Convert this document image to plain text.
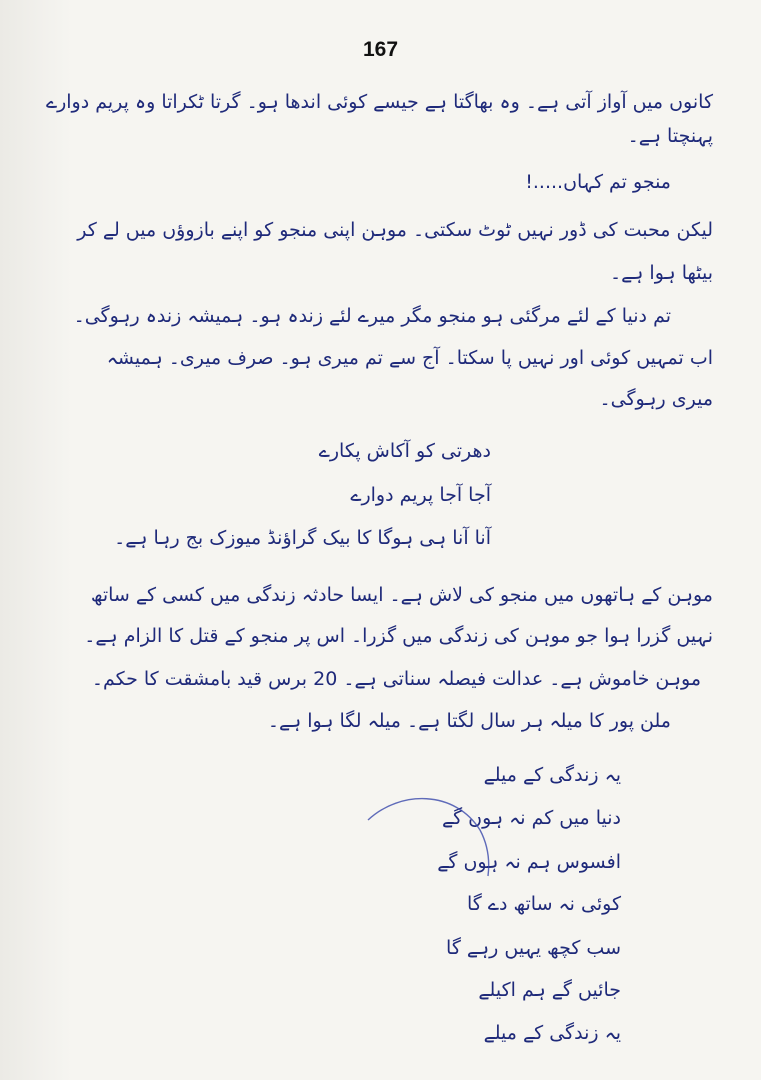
167
کانوں میں آواز آتی ہے۔ وہ بھاگتا ہے جیسے کوئی اندھا ہو۔ گرتا ٹکراتا وہ پریم دوارے
پہنچتا ہے۔
منجو تم کہاں.....!
لیکن محبت کی ڈور نہیں ٹوٹ سکتی۔ موہن اپنی منجو کو اپنے بازوؤں میں لے کر
بیٹھا ہوا ہے۔
تم دنیا کے لئے مرگئی ہو منجو مگر میرے لئے زندہ ہو۔ ہمیشہ زندہ رہوگی۔
اب تمہیں کوئی اور نہیں پا سکتا۔ آج سے تم میری ہو۔ صرف میری۔ ہمیشہ
میری رہوگی۔
دھرتی کو آکاش پکارے
آجا آجا پریم دوارے
آنا آنا ہی ہوگا کا بیک گراؤنڈ میوزک بج رہا ہے۔
موہن کے ہاتھوں میں منجو کی لاش ہے۔ ایسا حادثہ زندگی میں کسی کے ساتھ
نہیں گزرا ہوا جو موہن کی زندگی میں گزرا۔ اس پر منجو کے قتل کا الزام ہے۔
موہن خاموش ہے۔ عدالت فیصلہ سناتی ہے۔ 20 برس قید بامشقت کا حکم۔
ملن پور کا میلہ ہر سال لگتا ہے۔ میلہ لگا ہوا ہے۔
یہ زندگی کے میلے
دنیا میں کم نہ ہوں گے
افسوس ہم نہ ہوں گے
کوئی نہ ساتھ دے گا
سب کچھ یہیں رہے گا
جائیں گے ہم اکیلے
یہ زندگی کے میلے
